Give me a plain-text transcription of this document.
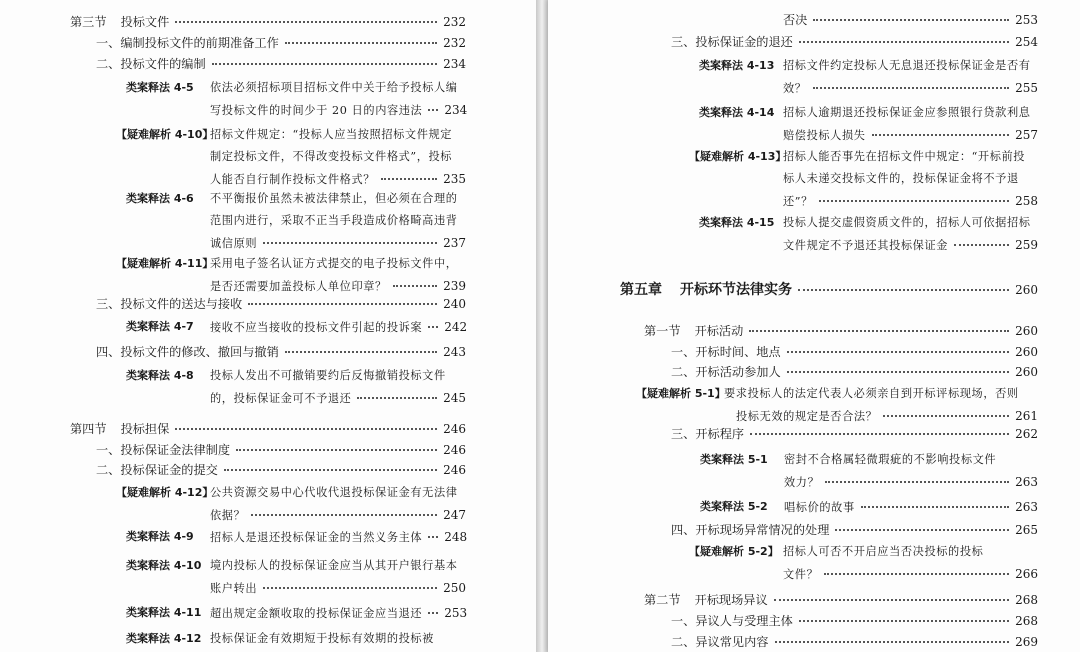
第三节 投标文件	232
一、编制投标文件的前期准备工作	232
二、投标文件的编制	234
类案释法 4-5 依法必须招标项目招标文件中关于给予投标人编
写投标文件的时间少于 20 日的内容违法 234
【疑难解析 4-10】
招标文件规定：“投标人应当按照招标文件规定
制定投标文件，不得改变投标文件格式”，投标
人能否自行制作投标文件格式？	235
类案释法 4-6 不平衡报价虽然未被法律禁止，但必须在合理的
范围内进行，采取不正当手段造成价格畸高违背
诚信原则	237
【疑难解析 4-11】
采用电子签名认证方式提交的电子投标文件中，
是否还需要加盖投标人单位印章？	239
三、投标文件的送达与接收	240
类案释法 4-7 接收不应当接收的投标文件引起的投诉案 242
四、投标文件的修改、撤回与撤销	243
类案释法 4-8 投标人发出不可撤销要约后反悔撤销投标文件
的，投标保证金可不予退还	245
第四节 投标担保	246
一、投标保证金法律制度	246
二、投标保证金的提交	246
【疑难解析 4-12】
公共资源交易中心代收代退投标保证金有无法律
依据？	247
类案释法 4-9 招标人是退还投标保证金的当然义务主体 248
类案释法 4-10 境内投标人的投标保证金应当从其开户银行基本
账户转出	250
类案释法 4-11 超出规定金额收取的投标保证金应当退还 253
类案释法 4-12 投标保证金有效期短于投标有效期的投标被
否决	253
三、投标保证金的退还	254
类案释法 4-13 招标文件约定投标人无息退还投标保证金是否有
效？	255
类案释法 4-14 招标人逾期退还投标保证金应参照银行贷款利息
赔偿投标人损失	257
【疑难解析 4-13】
招标人能否事先在招标文件中规定：“开标前投
标人未递交投标文件的，投标保证金将不予退
还”？	258
类案释法 4-15 投标人提交虚假资质文件的，招标人可依据招标
文件规定不予退还其投标保证金	259
第五章 开标环节法律实务	260
第一节 开标活动	260
一、开标时间、地点	260
二、开标活动参加人	260
【疑难解析 5-1】
要求投标人的法定代表人必须亲自到开标评标现场，否则
投标无效的规定是否合法？	261
三、开标程序	262
类案释法 5-1 密封不合格属轻微瑕疵的不影响投标文件
效力？	263
类案释法 5-2 唱标价的故事	263
四、开标现场异常情况的处理	265
【疑难解析 5-2】 招标人可否不开启应当否决投标的投标
文件？	266
第二节 开标现场异议	268
一、异议人与受理主体	268
二、异议常见内容	269
